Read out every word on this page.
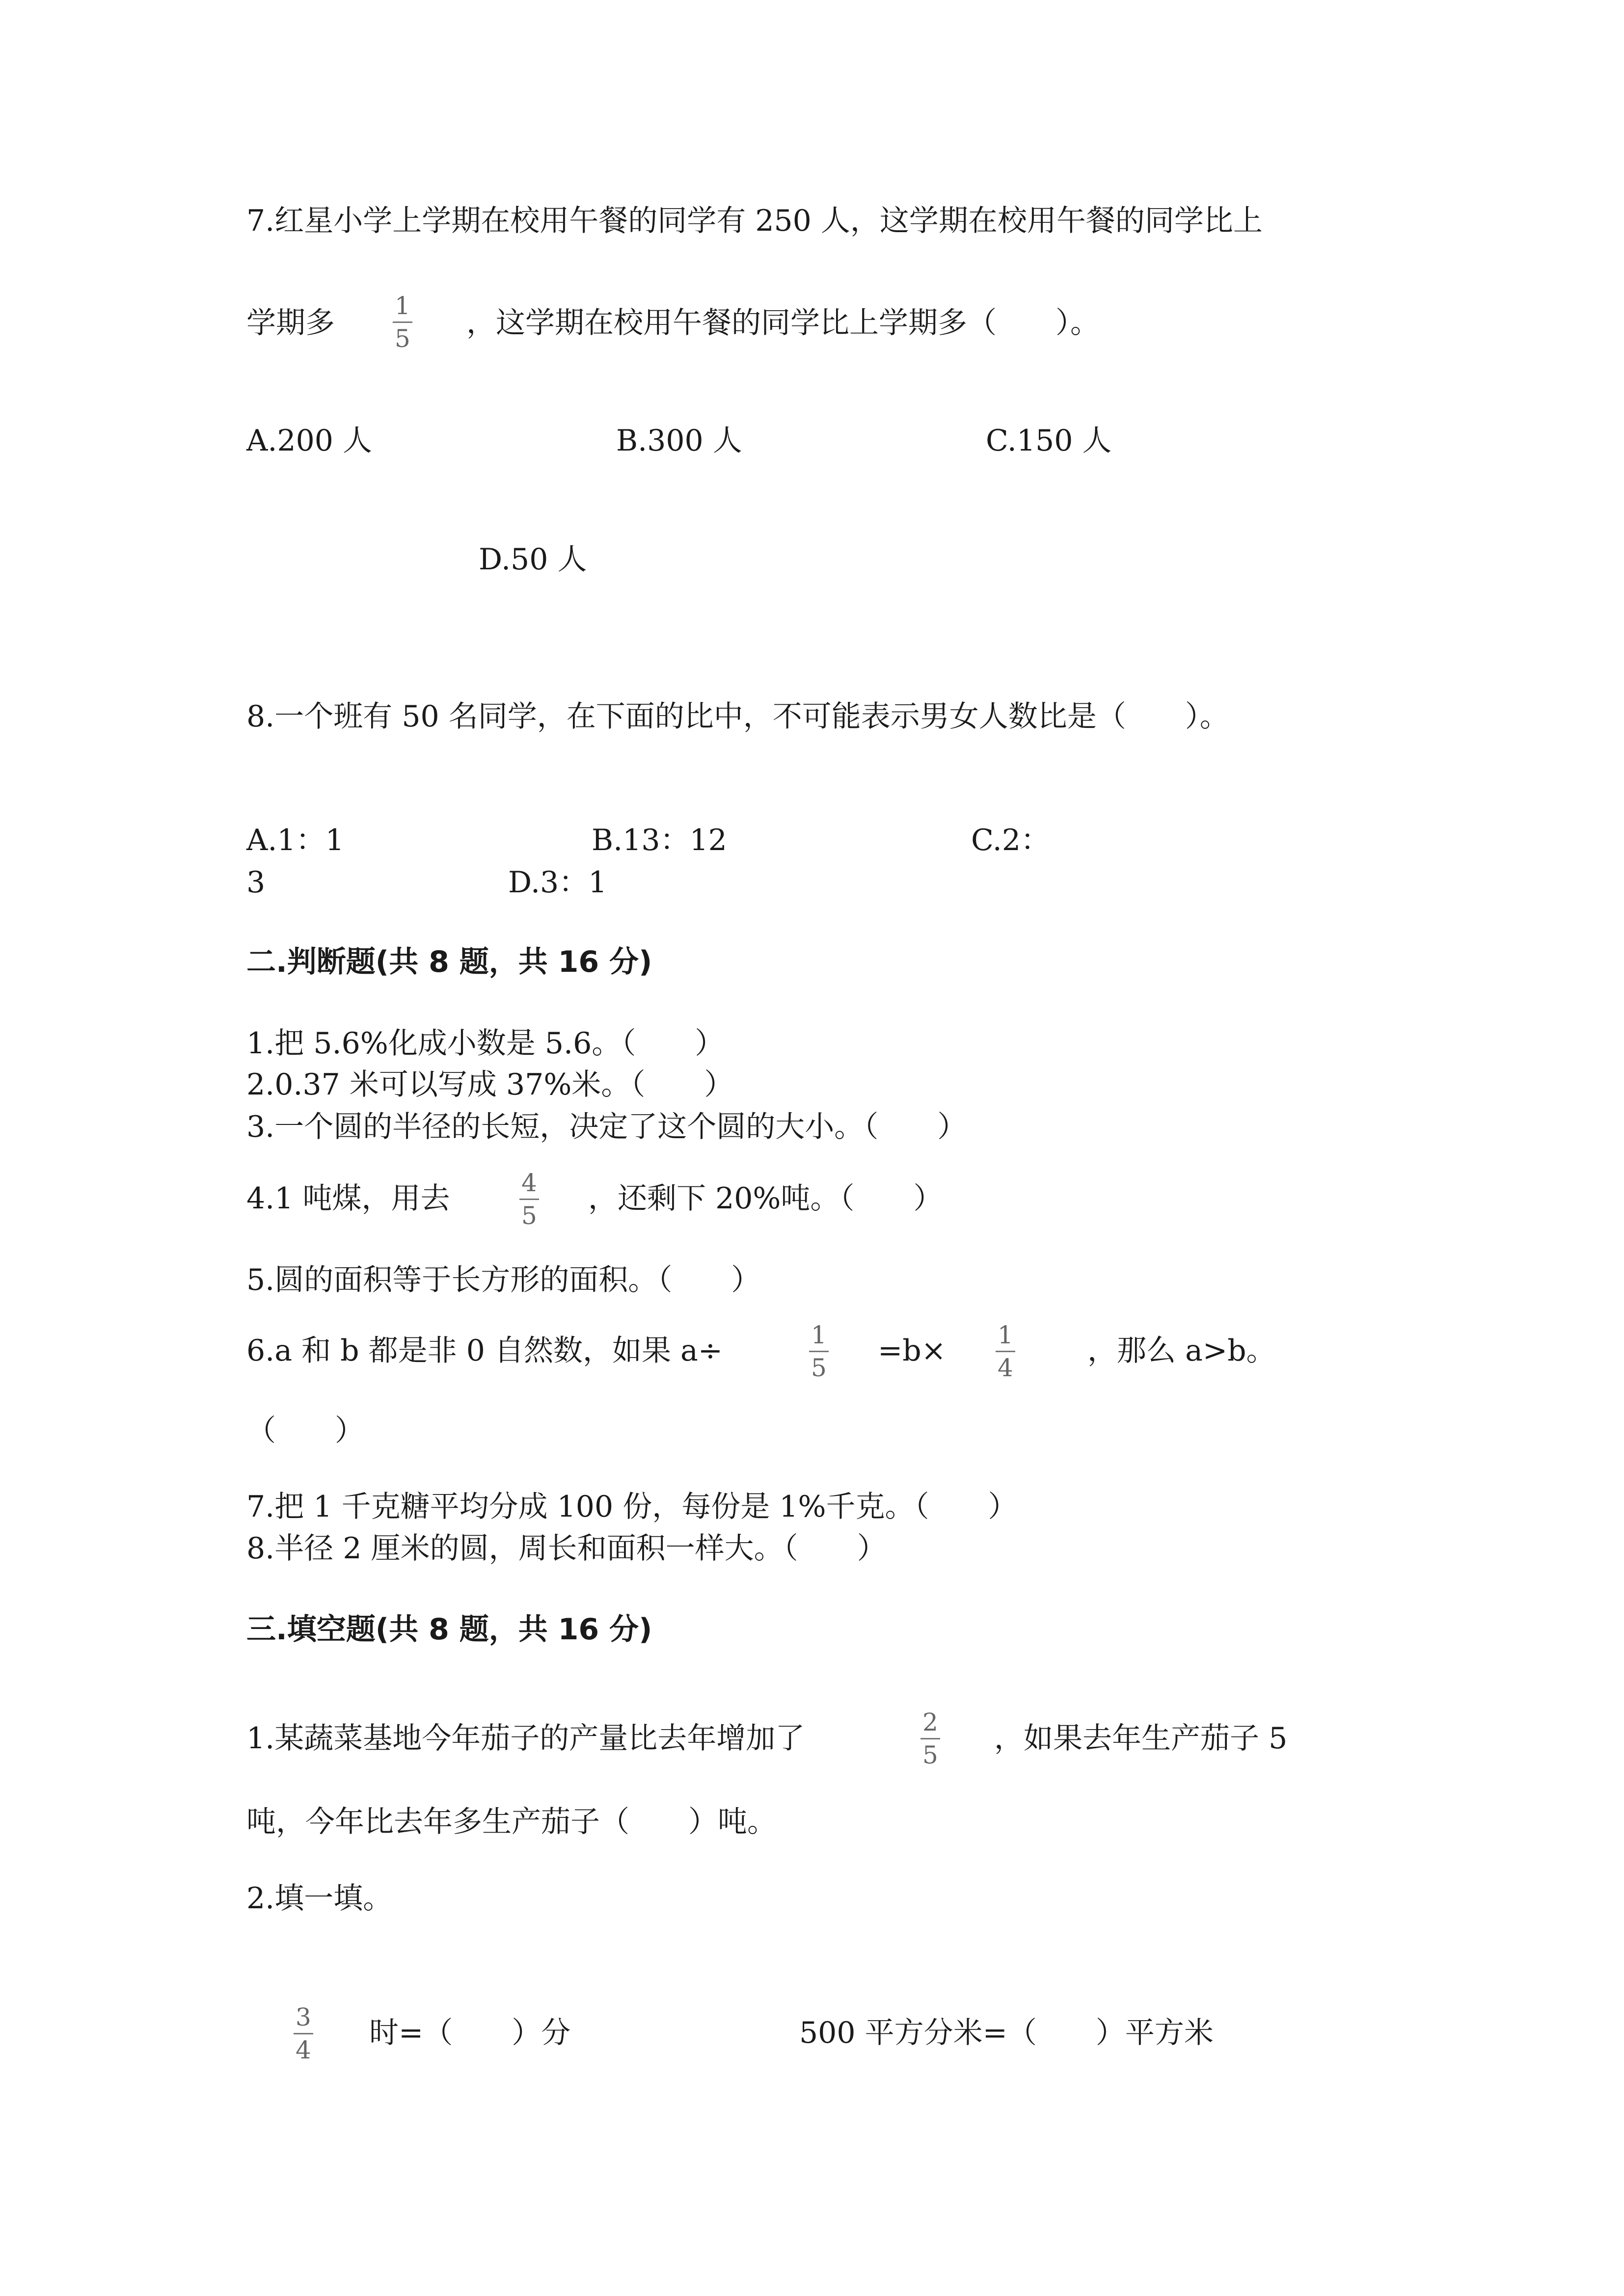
7.红星小学上学期在校用午餐的同学有 250 人，这学期在校用午餐的同学比上
学期多 1
5 ，这学期在校用午餐的同学比上学期多（　　）。
A.200 人	B.300 人	C.150 人
D.50 人
8.一个班有 50 名同学，在下面的比中，不可能表示男女人数比是（　　）。
A.1：1	B.13：12	C.2：
3	D.3：1
二.判断题(共 8 题，共 16 分)
1.把 5.6%化成小数是 5.6。（　　）
2.0.37 米可以写成 37%米。（　　）
3.一个圆的半径的长短，决定了这个圆的大小。（　　）
4.1 吨煤，用去	4
5 ，还剩下 20%吨。（　　）
5.圆的面积等于长方形的面积。（　　）
6.a 和 b 都是非 0 自然数，如果 a÷	1
5 =b× 1
4	，那么 a>b。
（　　）
7.把 1 千克糖平均分成 100 份，每份是 1%千克。（　　）
8.半径 2 厘米的圆，周长和面积一样大。（　　）
三.填空题(共 8 题，共 16 分)
1.某蔬菜基地今年茄子的产量比去年增加了	2
5 ，如果去年生产茄子 5
吨，今年比去年多生产茄子（　　）吨。
2.填一填。
3
4 时=（　　）分	500 平方分米=（　　）平方米
